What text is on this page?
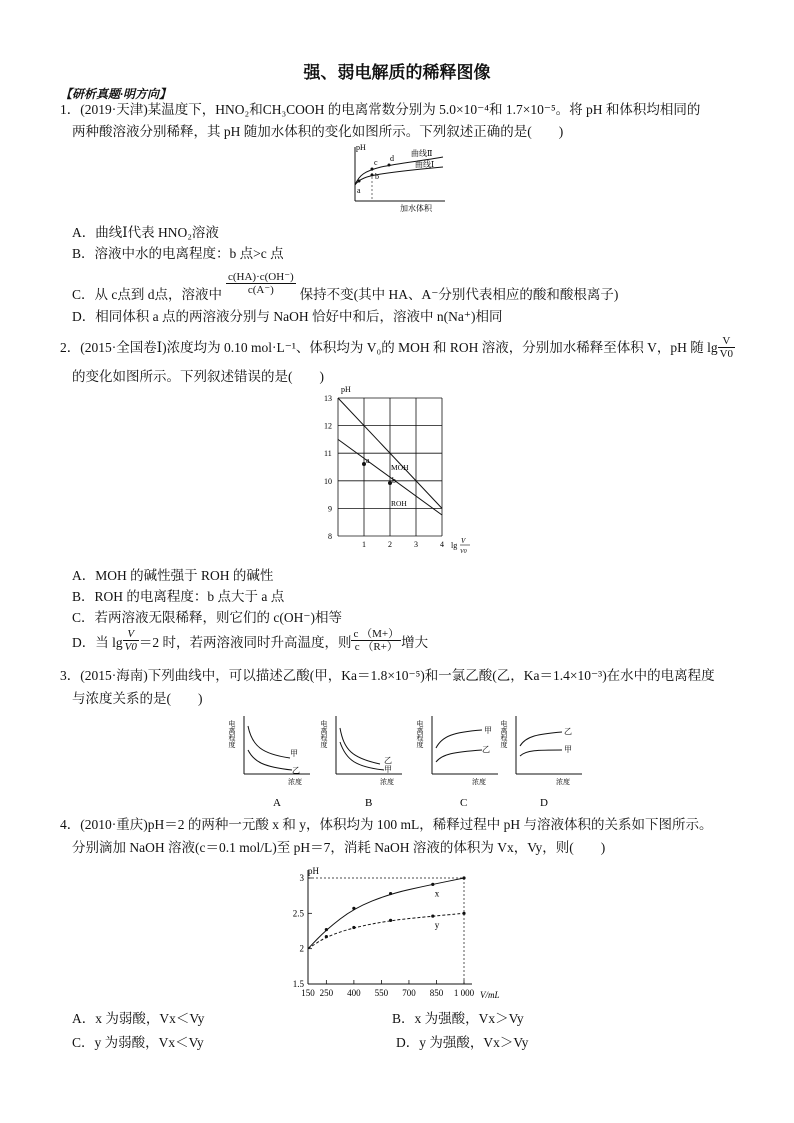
强、弱电解质的稀释图像
【研析真题·明方向】
1．(2019·天津)某温度下，HNO₂和CH₃COOH 的电离常数分别为 5.0×10⁻⁴和 1.7×10⁻⁵。将 pH 和体积均相同的
两种酸溶液分别稀释，其 pH 随加水体积的变化如图所示。下列叙述正确的是(　　)
pH
a
b
c d
曲线Ⅱ
曲线Ⅰ
加水体积
A．曲线Ⅰ代表 HNO₂溶液
B．溶液中水的电离程度：b 点>c 点
C．从 c点到 d点，溶液中 $\frac{c(HA)\cdot c(OH^-)}{c(A^-)}$ 保持不变(其中 HA、A⁻分别代表相应的酸和酸根离子)
D．相同体积 a 点的两溶液分别与 NaOH 恰好中和后，溶液中 n(Na⁺)相同
2．(2015·全国卷Ⅰ)浓度均为 0.10 mol·L⁻¹、体积均为 V₀的 MOH 和 ROH 溶液，分别加水稀释至体积 V，pH 随 $\lg \frac{V}{V0}$
的变化如图所示。下列叙述错误的是(　　)
pH
13
12
11
10
9
8
1	2	3	4 lg V
V0
a
b
MOH
ROH
A．MOH 的碱性强于 ROH 的碱性
B．ROH 的电离程度：b 点大于 a 点
C．若两溶液无限稀释，则它们的 c(OH⁻)相等
D．当 $\lg \frac{V}{V0} =2$ 时，若两溶液同时升高温度，则 $\frac{c (M+)}{c (R+)}$ 增大
3．(2015·海南)下列曲线中，可以描述乙酸(甲，Ka＝1.8×10⁻⁵)和一氯乙酸(乙，Ka＝1.4×10⁻³)在水中的电离程度
与浓度关系的是(　　)
电离程度
浓度
甲
乙
A
电离程度
浓度
乙
甲
B
电离程度
浓度
甲
乙
C
电离程度
浓度
乙
甲
D
4．(2010·重庆)pH＝2 的两种一元酸 x 和 y，体积均为 100 mL，稀释过程中 pH 与溶液体积的关系如下图所示。
分别滴加 NaOH 溶液(c＝0.1 mol/L)至 pH＝7，消耗 NaOH 溶液的体积为 Vx，Vy，则(　　)
pH
V/mL
3
2.5
2
1.5
150 250 400 550 700 850 1 000
x
y
A．x 为弱酸，Vx＜Vy	B．x 为强酸，Vx＞Vy
C．y 为弱酸，Vx＜Vy	D．y 为强酸，Vx＞Vy
